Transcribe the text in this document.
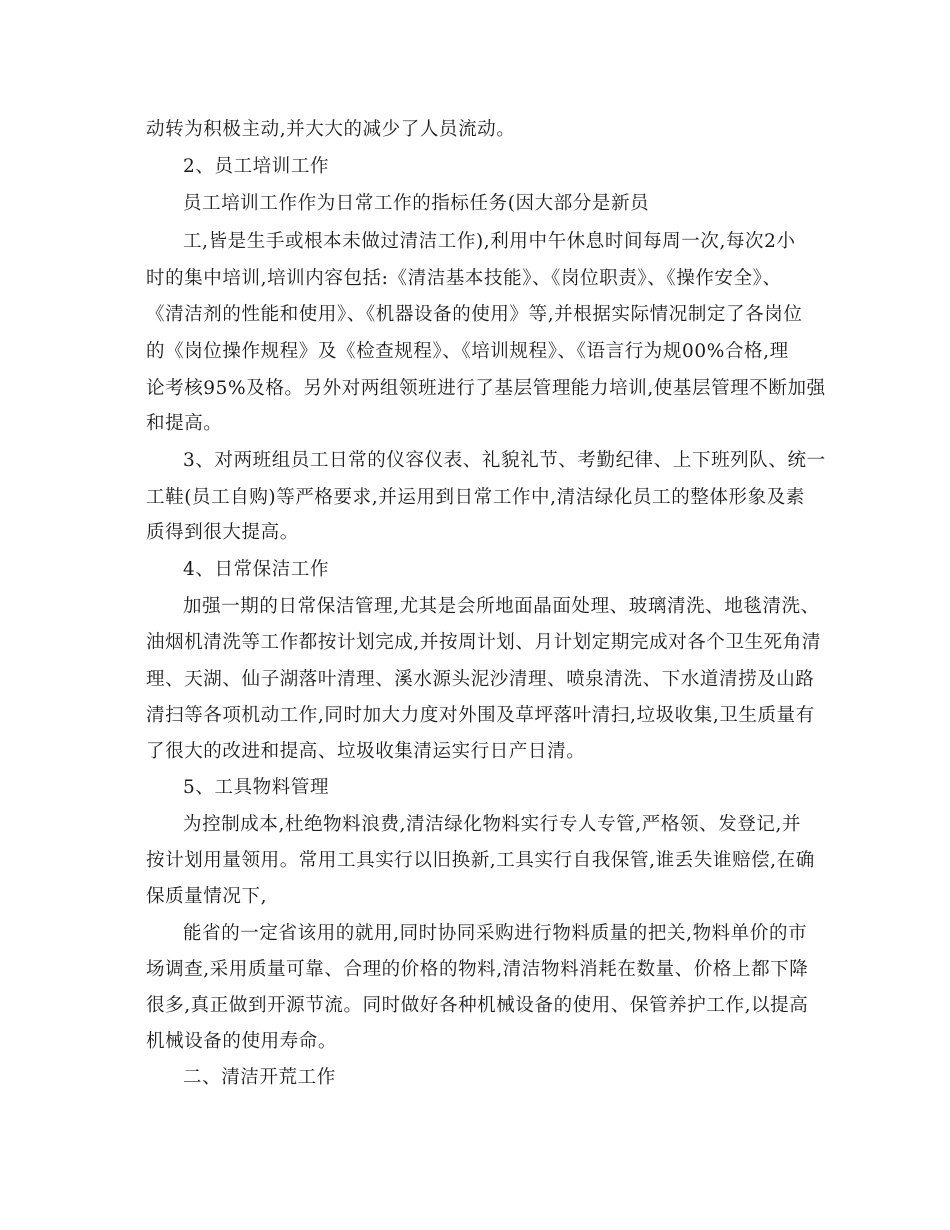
动转为积极主动,并大大的减少了人员流动。
2、员工培训工作
员工培训工作作为日常工作的指标任务(因大部分是新员
工,皆是生手或根本未做过清洁工作),利用中午休息时间每周一次,每次2小
时的集中培训,培训内容包括:《清洁基本技能》、《岗位职责》、《操作安全》、
《清洁剂的性能和使用》、《机器设备的使用》等,并根据实际情况制定了各岗位
的《岗位操作规程》及《检查规程》、《培训规程》、《语言行为规00%合格,理
论考核95%及格。另外对两组领班进行了基层管理能力培训,使基层管理不断加强
和提高。
3、对两班组员工日常的仪容仪表、礼貌礼节、考勤纪律、上下班列队、统一
工鞋(员工自购)等严格要求,并运用到日常工作中,清洁绿化员工的整体形象及素
质得到很大提高。
4、日常保洁工作
加强一期的日常保洁管理,尤其是会所地面晶面处理、玻璃清洗、地毯清洗、
油烟机清洗等工作都按计划完成,并按周计划、月计划定期完成对各个卫生死角清
理、天湖、仙子湖落叶清理、溪水源头泥沙清理、喷泉清洗、下水道清捞及山路
清扫等各项机动工作,同时加大力度对外围及草坪落叶清扫,垃圾收集,卫生质量有
了很大的改进和提高、垃圾收集清运实行日产日清。
5、工具物料管理
为控制成本,杜绝物料浪费,清洁绿化物料实行专人专管,严格领、发登记,并
按计划用量领用。常用工具实行以旧换新,工具实行自我保管,谁丢失谁赔偿,在确
保质量情况下,
能省的一定省该用的就用,同时协同采购进行物料质量的把关,物料单价的市
场调查,采用质量可靠、合理的价格的物料,清洁物料消耗在数量、价格上都下降
很多,真正做到开源节流。同时做好各种机械设备的使用、保管养护工作,以提高
机械设备的使用寿命。
二、清洁开荒工作
